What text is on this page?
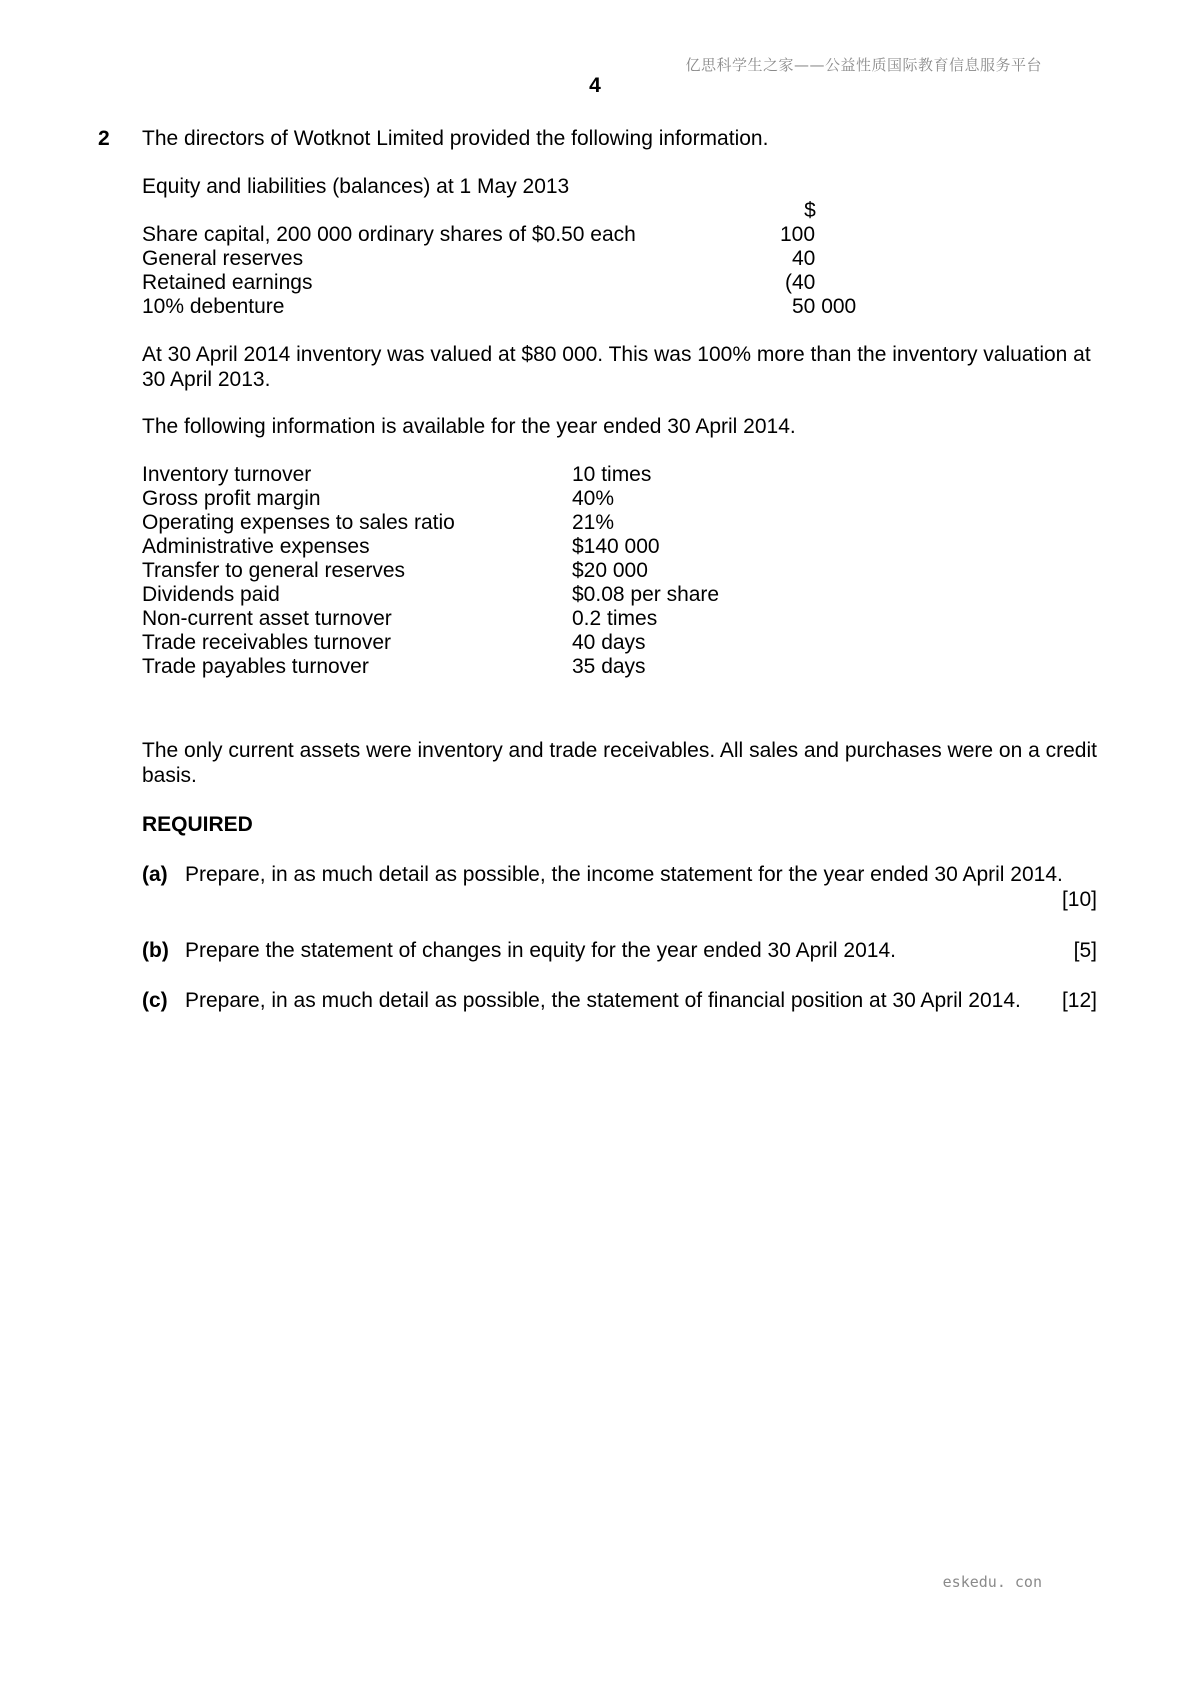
亿思科学生之家——公益性质国际教育信息服务平台
4
2 The directors of Wotknot Limited provided the following information.
Equity and liabilities (balances) at 1 May 2013
$
Share capital, 200 000 ordinary shares of $0.50 each	100
General reserves	40
Retained earnings	(40
10% debenture	50 000
At 30 April 2014 inventory was valued at $80 000. This was 100% more than the inventory valuation at 30 April 2013.
The following information is available for the year ended 30 April 2014.
Inventory turnover	10 times
Gross profit margin	40%
Operating expenses to sales ratio	21%
Administrative expenses	$140 000
Transfer to general reserves	$20 000
Dividends paid	$0.08 per share
Non-current asset turnover	0.2 times
Trade receivables turnover	40 days
Trade payables turnover	35 days
The only current assets were inventory and trade receivables. All sales and purchases were on a credit basis.
REQUIRED
(a) Prepare, in as much detail as possible, the income statement for the year ended 30 April 2014.
[10]
(b) Prepare the statement of changes in equity for the year ended 30 April 2014.	[5]
(c) Prepare, in as much detail as possible, the statement of financial position at 30 April 2014. [12]
eskedu. con
